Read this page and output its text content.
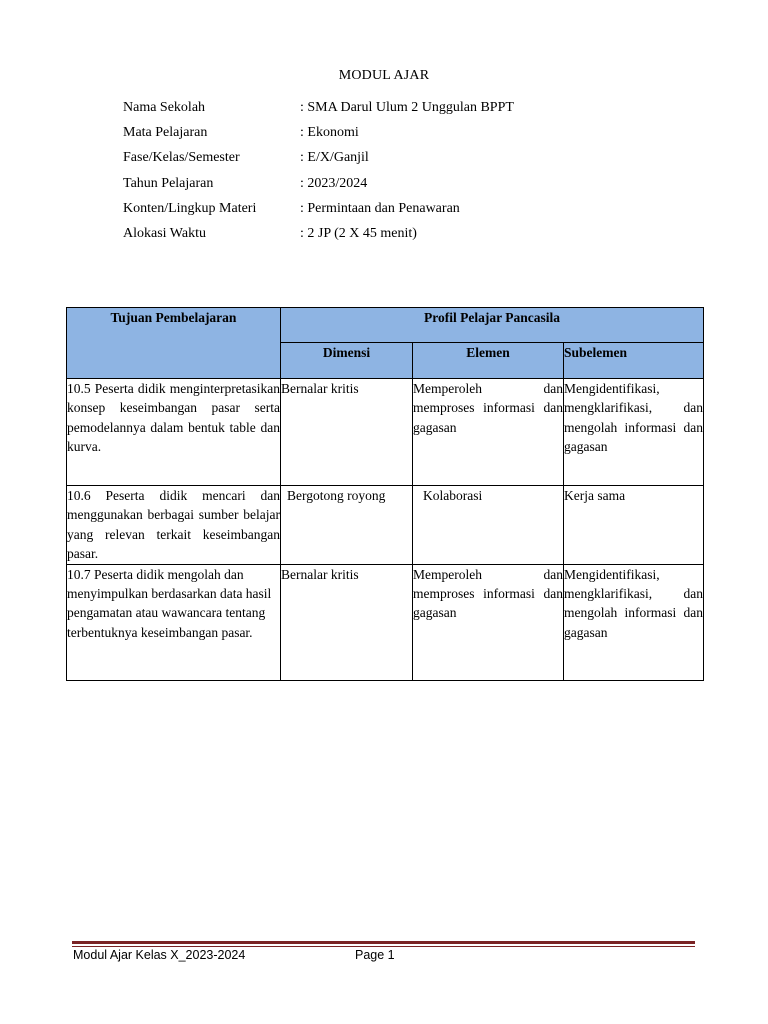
MODUL AJAR
Nama Sekolah	: SMA Darul Ulum 2 Unggulan BPPT
Mata Pelajaran	: Ekonomi
Fase/Kelas/Semester	: E/X/Ganjil
Tahun Pelajaran	: 2023/2024
Konten/Lingkup Materi	: Permintaan dan Penawaran
Alokasi Waktu	: 2 JP (2 X 45 menit)
Tujuan Pembelajaran	Profil Pelajar Pancasila		
	Dimensi	Elemen	Subelemen
10.5 Peserta didik menginterpretasikan konsep keseimbangan pasar serta pemodelannya dalam bentuk table dan kurva.	Bernalar kritis	Memperoleh dan memproses informasi dan gagasan	Mengidentifikasi, mengklarifikasi, dan mengolah informasi dan gagasan
10.6 Peserta didik mencari dan menggunakan berbagai sumber belajar yang relevan terkait keseimbangan pasar.	Bergotong royong	Kolaborasi	Kerja sama
10.7 Peserta didik mengolah dan menyimpulkan berdasarkan data hasil pengamatan atau wawancara tentang terbentuknya keseimbangan pasar.	Bernalar kritis	Memperoleh dan memproses informasi dan gagasan	Mengidentifikasi, mengklarifikasi, dan mengolah informasi dan gagasan
Modul Ajar Kelas X_2023-2024	Page 1
